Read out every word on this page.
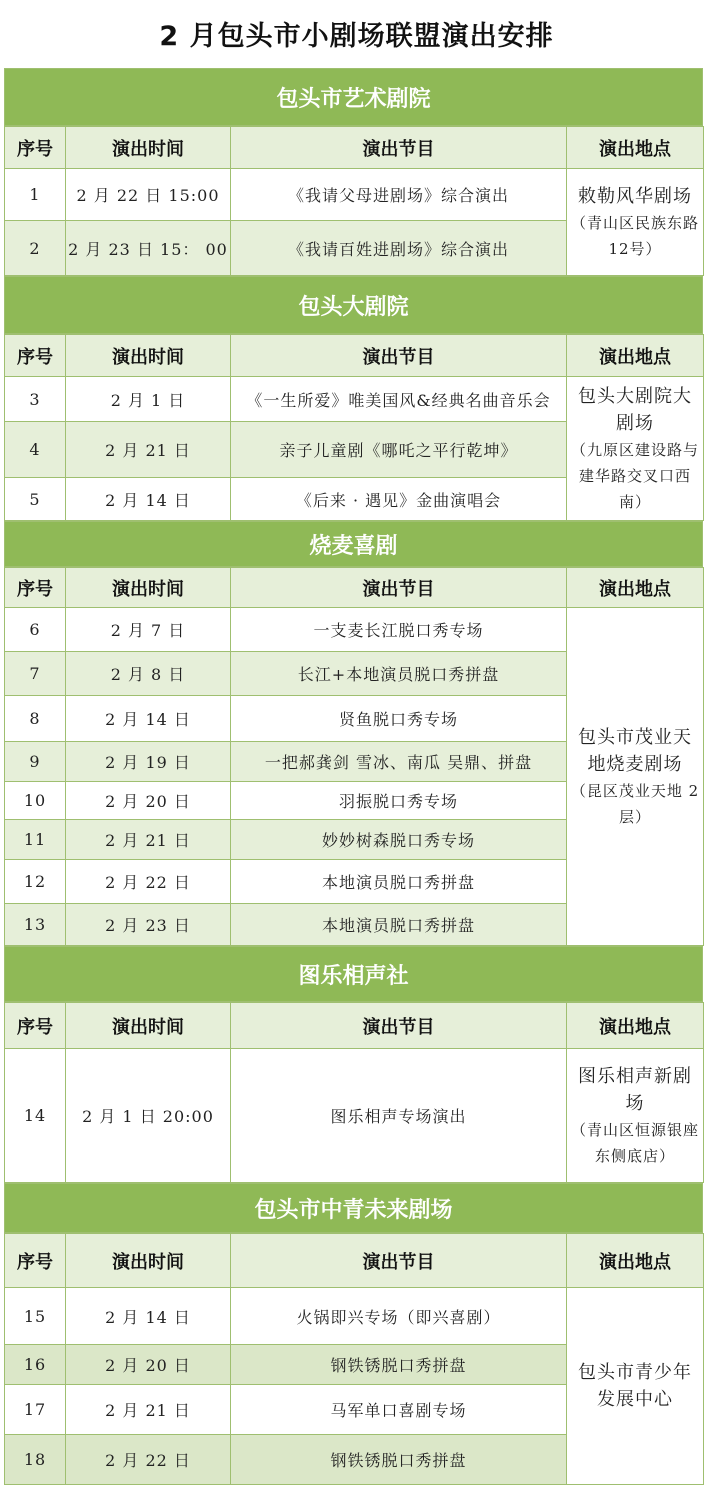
2 月包头市小剧场联盟演出安排
包头市艺术剧院
序号	演出时间	演出节目	演出地点
1	2 月 22 日 15:00	《我请父母进剧场》综合演出	敕勒风华剧场
（青山区民族东路12号）

2	2 月 23 日 15： 00	《我请百姓进剧场》综合演出	
包头大剧院
序号	演出时间	演出节目	演出地点
3	2 月 1 日	《一生所爱》唯美国风&经典名曲音乐会	包头大剧院大剧场
（九原区建设路与建华路交叉口西南）

4	2 月 21 日	亲子儿童剧《哪吒之平行乾坤》	
5	2 月 14 日	《后来 · 遇见》金曲演唱会	
烧麦喜剧
序号	演出时间	演出节目	演出地点
6	2 月 7 日	一支麦长江脱口秀专场	包头市茂业天地烧麦剧场
（昆区茂业天地 2 层）

7	2 月 8 日	长江+本地演员脱口秀拼盘	
8	2 月 14 日	贤鱼脱口秀专场	
9	2 月 19 日	一把郝龚剑 雪冰、南瓜 吴鼎、拼盘	
10	2 月 20 日	羽振脱口秀专场	
11	2 月 21 日	妙妙树森脱口秀专场	
12	2 月 22 日	本地演员脱口秀拼盘	
13	2 月 23 日	本地演员脱口秀拼盘	
图乐相声社
序号	演出时间	演出节目	演出地点
14	2 月 1 日 20:00	图乐相声专场演出	图乐相声新剧场
（青山区恒源银座东侧底店）
包头市中青未来剧场
序号	演出时间	演出节目	演出地点
15	2 月 14 日	火锅即兴专场（即兴喜剧）	包头市青少年发展中心

16	2 月 20 日	钢铁锈脱口秀拼盘	
17	2 月 21 日	马军单口喜剧专场	
18	2 月 22 日	钢铁锈脱口秀拼盘	
